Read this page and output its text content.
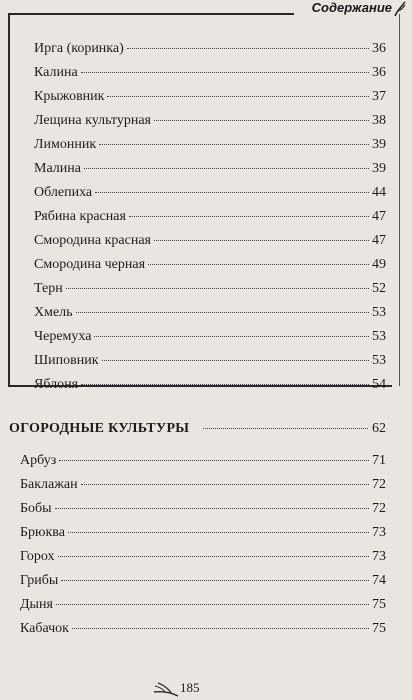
Содержание
Ирга (коринка)	36
Калина	36
Крыжовник	37
Лещина культурная	38
Лимонник	39
Малина	39
Облепиха	44
Рябина красная	47
Смородина красная	47
Смородина черная	49
Терн	52
Хмель	53
Черемуха	53
Шиповник	53
Яблоня	54
ОГОРОДНЫЕ КУЛЬТУРЫ	62
Арбуз	71
Баклажан	72
Бобы	72
Брюква	73
Горох	73
Грибы	74
Дыня	75
Кабачок	75
185
